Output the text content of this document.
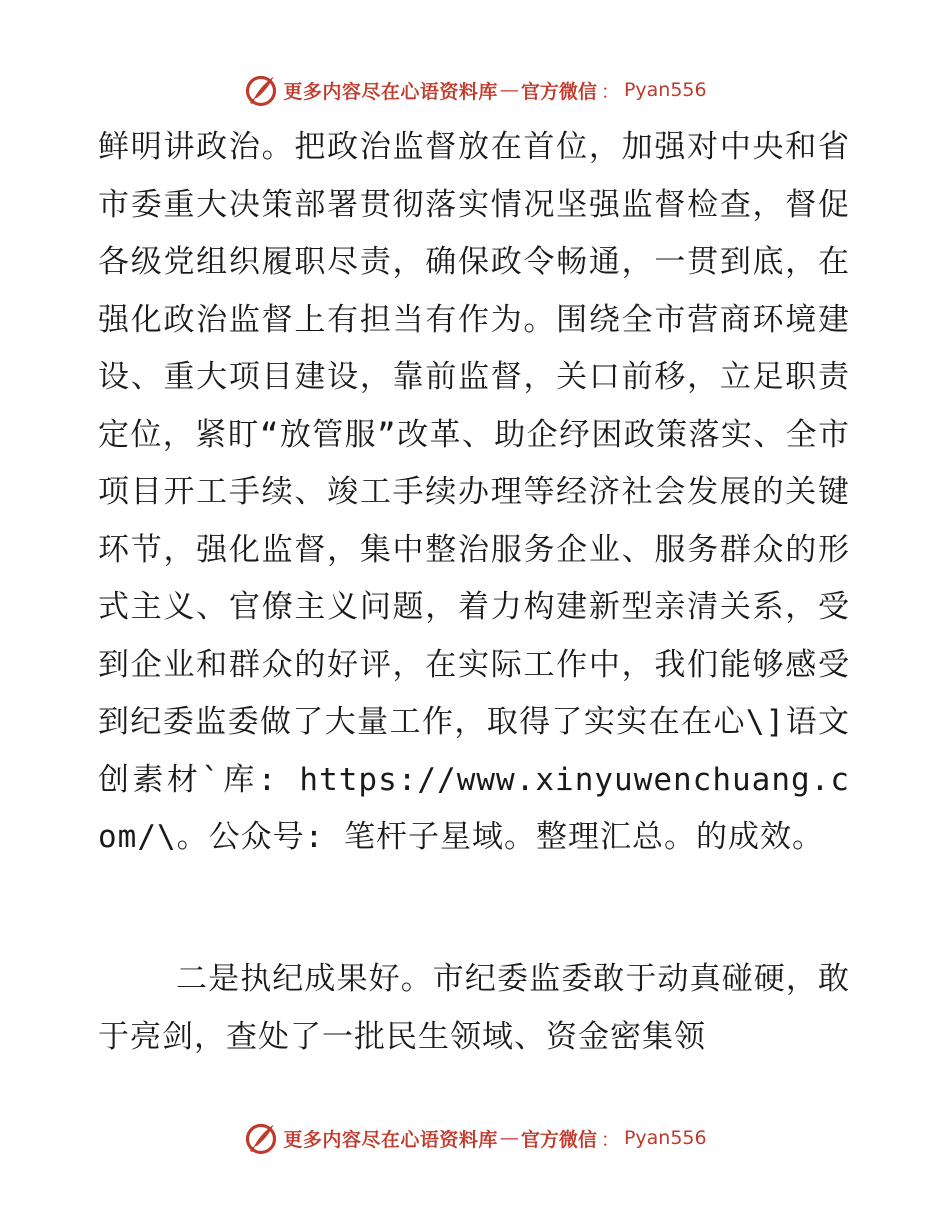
更多内容尽在心语资料库 — 官方微信 ： Pyan556
鲜明讲政治。把政治监督放在首位，加强对中央和省市委重大决策部署贯彻落实情况坚强监督检查，督促各级党组织履职尽责，确保政令畅通，一贯到底，在强化政治监督上有担当有作为。围绕全市营商环境建设、重大项目建设，靠前监督，关口前移，立足职责定位，紧盯“放管服”改革、助企纾困政策落实、全市项目开工手续、竣工手续办理等经济社会发展的关键环节，强化监督，集中整治服务企业、服务群众的形式主义、官僚主义问题，着力构建新型亲清关系，受到企业和群众的好评，在实际工作中，我们能够感受到纪委监委做了大量工作，取得了实实在在心\]语文创素材`库: https://www.xinyuwenchuang.com/\。公众号: 笔杆子星域。整理汇总。的成效。
二是执纪成果好。市纪委监委敢于动真碰硬，敢于亮剑，查处了一批民生领域、资金密集领
更多内容尽在心语资料库 — 官方微信 ： Pyan556
